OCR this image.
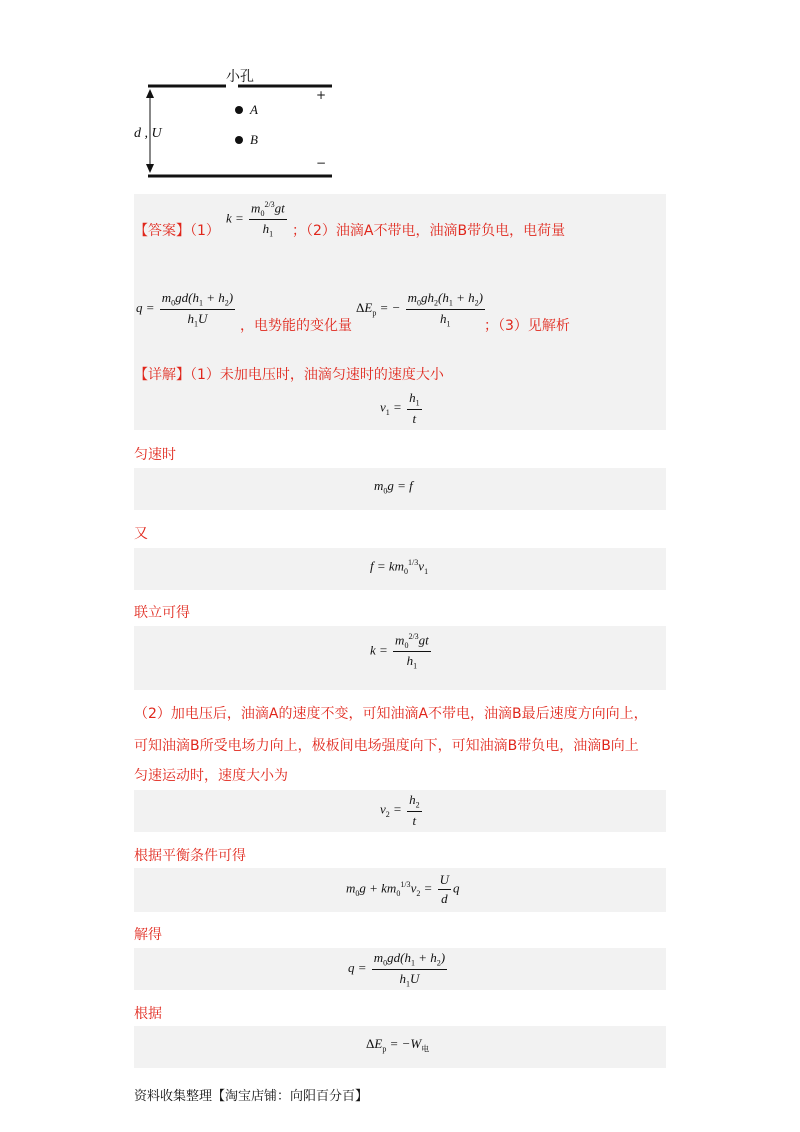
小孔
A
B
d , U
+
−
【答案】（1）
$k = \frac{m_0^{2/3}gt}{h_1}$ ；（2）油滴A不带电，油滴B带负电，电荷量
$q = \frac{m_0gd(h_1 + h_2)}{h_1U}$ ，电势能的变化量
$\Delta E_p$ = − $\frac{m_0gh_2(h_1 + h_2)}{h_1}$ ；（3）见解析
【详解】（1）未加电压时，油滴匀速时的速度大小
$v_1 = \frac{h_1}{t}$
匀速时
$m_0g = f$
又
$f = km_0^{1/3}v_1$
联立可得
$k = \frac{m_0^{2/3}gt}{h_1}$
（2）加电压后，油滴A的速度不变，可知油滴A不带电，油滴B最后速度方向向上，
可知油滴B所受电场力向上，极板间电场强度向下，可知油滴B带负电，油滴B向上
匀速运动时，速度大小为
$v_2 = \frac{h_2}{t}$
根据平衡条件可得
$m_0g + km_0^{1/3}v_2 = \frac{U}{d}$ q
解得
$q = \frac{m_0gd(h_1 + h_2)}{h_1U}$
根据
$\Delta E_p = -W_电$
资料收集整理【淘宝店铺：向阳百分百】
